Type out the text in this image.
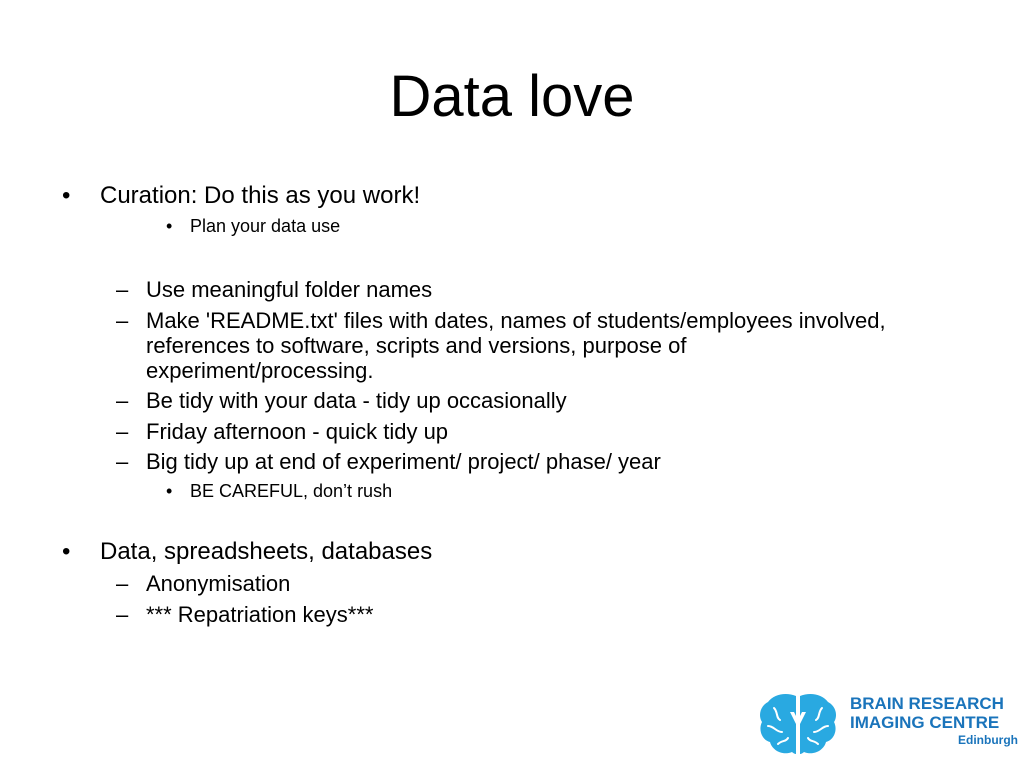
Data love
• Curation: Do this as you work!
• Plan your data use
– Use meaningful folder names
– Make 'README.txt' files with dates, names of students/employees involved, references to software, scripts and versions, purpose of experiment/processing.
– Be tidy with your data - tidy up occasionally
– Friday afternoon - quick tidy up
– Big tidy up at end of experiment/ project/ phase/ year
• BE CAREFUL, don’t rush
• Data, spreadsheets, databases
– Anonymisation
– *** Repatriation keys***
BRAIN RESEARCH
IMAGING CENTRE
Edinburgh
